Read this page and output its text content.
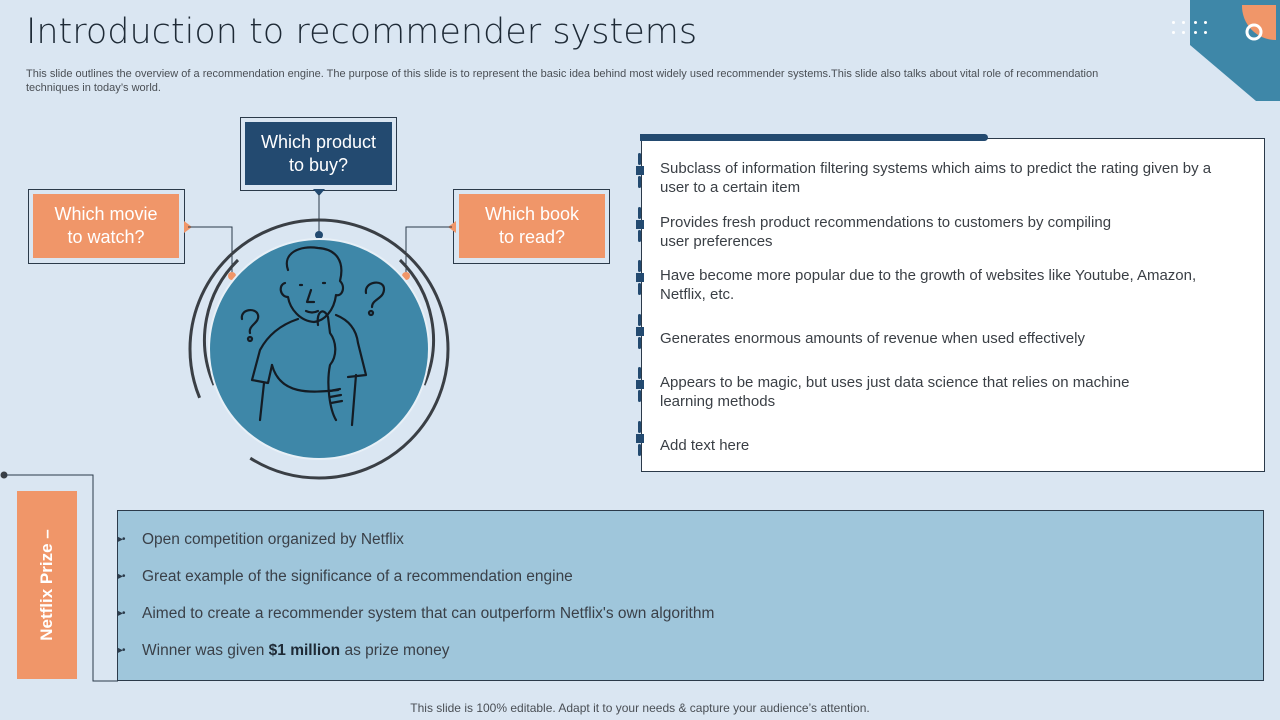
Introduction to recommender systems
This slide outlines the overview of a recommendation engine. The purpose of this slide is to represent the basic idea behind most widely used recommender systems.This slide also talks about vital role of recommendation techniques in today’s world.
Which product
to buy?
Which movie
to watch?
Which book
to read?
Subclass of information filtering systems which aims to predict the rating given by a
user to a certain item
Provides fresh product recommendations to customers by compiling
user preferences
Have become more popular due to the growth of websites like Youtube, Amazon,
Netflix, etc.
Generates enormous amounts of revenue when used effectively
Appears to be magic, but uses just data science that relies on machine
learning methods
Add text here
Netflix Prize –	▸• Open competition organized by Netflix
▸• Great example of the significance of a recommendation engine
▸• Aimed to create a recommender system that can outperform Netflix's own algorithm
▸• Winner was given $1 million as prize money
This slide is 100% editable. Adapt it to your needs & capture your audience’s attention.
